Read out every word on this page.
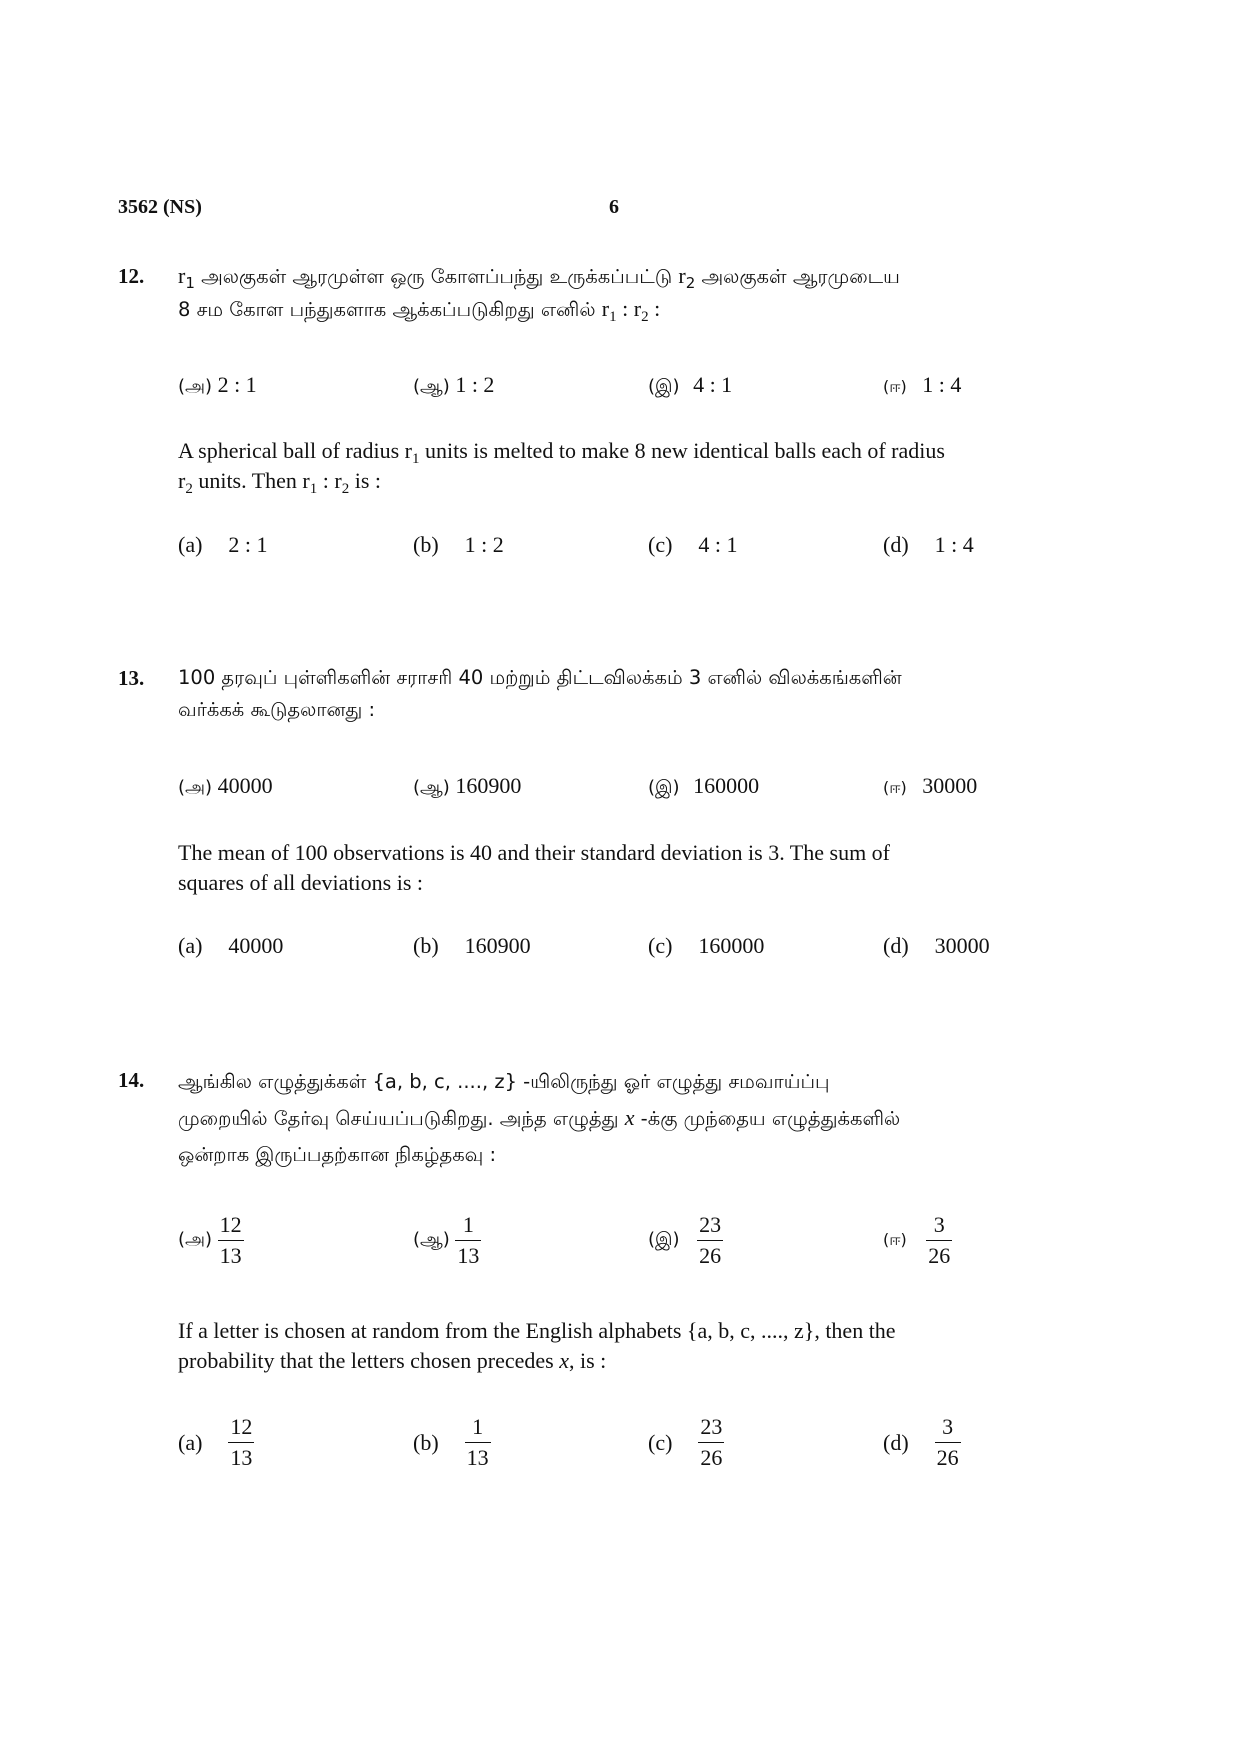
3562 (NS)	6
12. $r_1$ அலகுகள் ஆரமுள்ள ஒரு கோளப்பந்து உருக்கப்பட்டு $r_2$ அலகுகள் ஆரமுடைய
8 சம கோள பந்துகளாக ஆக்கப்படுகிறது எனில் $r_1$ : $r_2$ :
(அ) 2 : 1	(ஆ) 1 : 2	(இ) 4 : 1	(ஈ) 1 : 4
A spherical ball of radius $r_1$ units is melted to make 8 new identical balls each of radius
$r_2$ units. Then $r_1$ : $r_2$ is :
(a) 2 : 1	(b) 1 : 2	(c) 4 : 1	(d) 1 : 4
13. 100 தரவுப் புள்ளிகளின் சராசரி 40 மற்றும் திட்டவிலக்கம் 3 எனில் விலக்கங்களின்
வர்க்கக் கூடுதலானது :
(அ) 40000	(ஆ) 160900	(இ) 160000	(ஈ) 30000
The mean of 100 observations is 40 and their standard deviation is 3. The sum of
squares of all deviations is :
(a) 40000	(b) 160900	(c) 160000	(d) 30000
14. ஆங்கில எழுத்துக்கள் {a, b, c, ...., z} -யிலிருந்து ஓர் எழுத்து சமவாய்ப்பு
முறையில் தேர்வு செய்யப்படுகிறது. அந்த எழுத்து x -க்கு முந்தைய எழுத்துக்களில்
ஒன்றாக இருப்பதற்கான நிகழ்தகவு :
(அ) $\frac{12}{13}$	(ஆ) $\frac{1}{13}$	(இ) $\frac{23}{26}$	(ஈ) $\frac{3}{26}$
If a letter is chosen at random from the English alphabets {a, b, c, ...., z}, then the
probability that the letters chosen precedes x, is :
$(a) \frac{12}{13}$	$(b) \frac{1}{13}$	$(c) \frac{23}{26}$	$(d) \frac{3}{26}$
